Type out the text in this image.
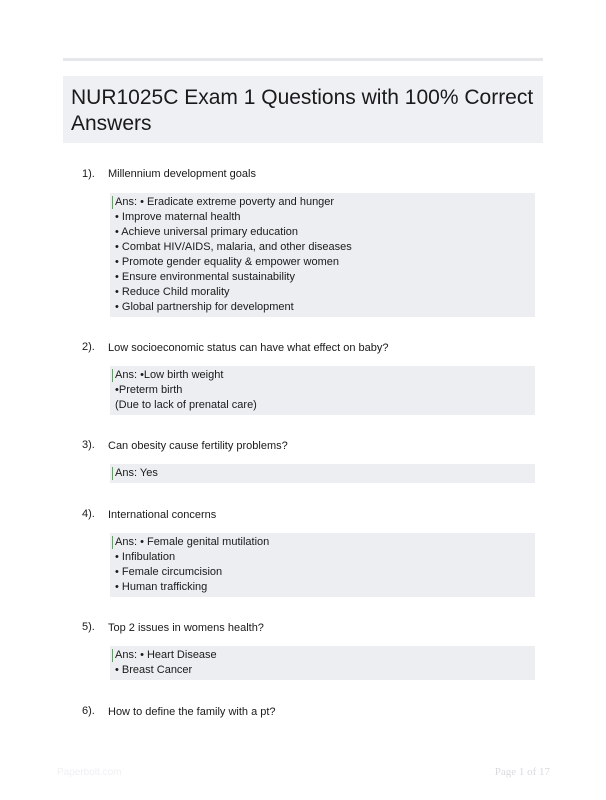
NUR1025C Exam 1 Questions with 100% Correct Answers
1). Millennium development goals
Ans: • Eradicate extreme poverty and hunger
• Improve maternal health
• Achieve universal primary education
• Combat HIV/AIDS, malaria, and other diseases
• Promote gender equality & empower women
• Ensure environmental sustainability
• Reduce Child morality
• Global partnership for development
2). Low socioeconomic status can have what effect on baby?
Ans: •Low birth weight
•Preterm birth
(Due to lack of prenatal care)
3). Can obesity cause fertility problems?
Ans: Yes
4). International concerns
Ans: • Female genital mutilation
• Infibulation
• Female circumcision
• Human trafficking
5). Top 2 issues in womens health?
Ans: • Heart Disease
• Breast Cancer
6). How to define the family with a pt?
Paperbolt.com	Page 1 of 17
